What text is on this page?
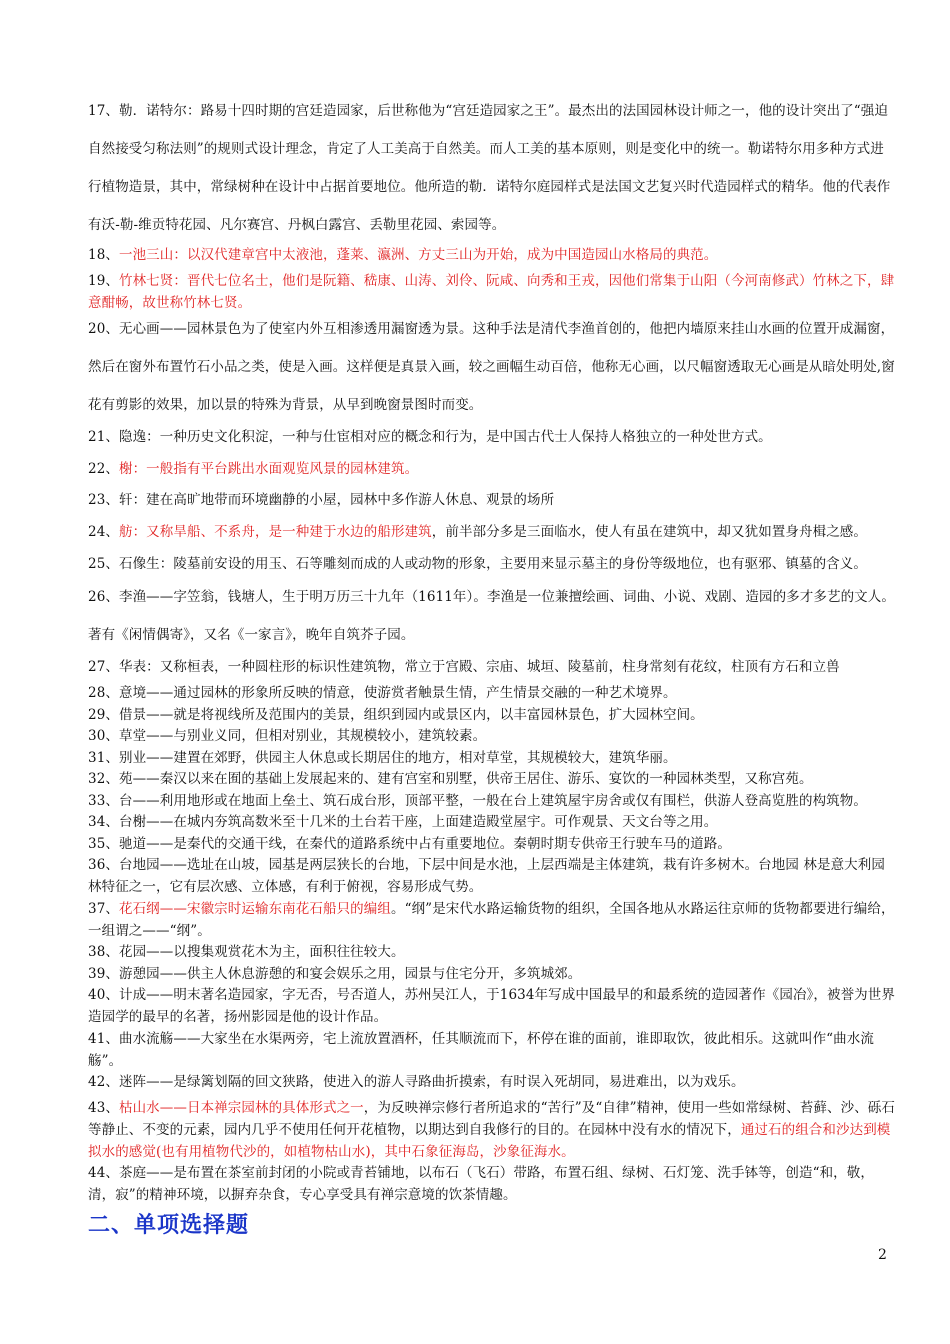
17、勒．诺特尔：路易十四时期的宫廷造园家，后世称他为“宫廷造园家之王”。最杰出的法国园林设计师之一，他的设计突出了“强迫自然接受匀称法则”的规则式设计理念，肯定了人工美高于自然美。而人工美的基本原则，则是变化中的统一。勒诺特尔用多种方式进行植物造景，其中，常绿树种在设计中占据首要地位。他所造的勒．诺特尔庭园样式是法国文艺复兴时代造园样式的精华。他的代表作有沃-勒-维贡特花园、凡尔赛宫、丹枫白露宫、丢勒里花园、索园等。
18、一池三山：以汉代建章宫中太液池，蓬莱、瀛洲、方丈三山为开始，成为中国造园山水格局的典范。
19、竹林七贤：晋代七位名士，他们是阮籍、嵇康、山涛、刘伶、阮咸、向秀和王戎，因他们常集于山阳（今河南修武）竹林之下，肆意酣畅，故世称竹林七贤。
20、无心画——园林景色为了使室内外互相渗透用漏窗透为景。这种手法是清代李渔首创的，他把内墙原来挂山水画的位置开成漏窗，然后在窗外布置竹石小品之类，使是入画。这样便是真景入画，较之画幅生动百倍，他称无心画，以尺幅窗透取无心画是从暗处明处,窗花有剪影的效果，加以景的特殊为背景，从早到晚窗景图时而变。
21、隐逸：一种历史文化积淀，一种与仕宦相对应的概念和行为，是中国古代士人保持人格独立的一种处世方式。
22、榭：一般指有平台跳出水面观览风景的园林建筑。
23、轩：建在高旷地带而环境幽静的小屋，园林中多作游人休息、观景的场所
24、舫：又称旱船、不系舟，是一种建于水边的船形建筑，前半部分多是三面临水，使人有虽在建筑中，却又犹如置身舟楫之感。
25、石像生：陵墓前安设的用玉、石等雕刻而成的人或动物的形象，主要用来显示墓主的身份等级地位，也有驱邪、镇墓的含义。
26、李渔——字笠翁，钱塘人，生于明万历三十九年（1611年）。李渔是一位兼擅绘画、词曲、小说、戏剧、造园的多才多艺的文人。著有《闲情偶寄》，又名《一家言》，晚年自筑芥子园。
27、华表：又称桓表，一种圆柱形的标识性建筑物，常立于宫殿、宗庙、城垣、陵墓前，柱身常刻有花纹，柱顶有方石和立兽
28、意境——通过园林的形象所反映的情意，使游赏者触景生情，产生情景交融的一种艺术境界。
29、借景——就是将视线所及范围内的美景，组织到园内或景区内，以丰富园林景色，扩大园林空间。
30、草堂——与别业义同，但相对别业，其规模较小，建筑较素。
31、别业——建置在郊野，供园主人休息或长期居住的地方，相对草堂，其规模较大，建筑华丽。
32、苑——秦汉以来在囿的基础上发展起来的、建有宫室和别墅，供帝王居住、游乐、宴饮的一种园林类型，又称宫苑。
33、台——利用地形或在地面上垒土、筑石成台形，顶部平整，一般在台上建筑屋宇房舍或仅有围栏，供游人登高览胜的构筑物。
34、台榭——在城内夯筑高数米至十几米的土台若干座，上面建造殿堂屋宇。可作观景、天文台等之用。
35、驰道——是秦代的交通干线，在秦代的道路系统中占有重要地位。秦朝时期专供帝王行驶车马的道路。
36、台地园——选址在山坡，园基是两层狭长的台地，下层中间是水池，上层西端是主体建筑，栽有许多树木。台地园 林是意大利园林特征之一，它有层次感、立体感，有利于俯视，容易形成气势。
37、花石纲——宋徽宗时运输东南花石船只的编组。“纲”是宋代水路运输货物的组织，全国各地从水路运往京师的货物都要进行编给，一组谓之——“纲”。
38、花园——以搜集观赏花木为主，面积往往较大。
39、游憩园——供主人休息游憩的和宴会娱乐之用，园景与住宅分开，多筑城郊。
40、计成——明末著名造园家，字无否，号否道人，苏州吴江人，于1634年写成中国最早的和最系统的造园著作《园冶》，被誉为世界造园学的最早的名著，扬州影园是他的设计作品。
41、曲水流觞——大家坐在水渠两旁，宅上流放置酒杯，任其顺流而下，杯停在谁的面前，谁即取饮，彼此相乐。这就叫作“曲水流觞”。
42、迷阵——是绿篱划隔的回文狭路，使进入的游人寻路曲折摸索，有时误入死胡同，易进难出，以为戏乐。
43、枯山水——日本禅宗园林的具体形式之一，为反映禅宗修行者所追求的“苦行”及“自律”精神，使用一些如常绿树、苔藓、沙、砾石等静止、不变的元素，园内几乎不使用任何开花植物，以期达到自我修行的目的。在园林中没有水的情况下，通过石的组合和沙达到模拟水的感觉(也有用植物代沙的，如植物枯山水)，其中石象征海岛，沙象征海水。
44、茶庭——是布置在茶室前封闭的小院或青苔铺地，以布石（飞石）带路，布置石组、绿树、石灯笼、洗手钵等，创造“和，敬，清，寂”的精神环境，以摒弃杂食，专心享受具有禅宗意境的饮茶情趣。
二、单项选择题
2
